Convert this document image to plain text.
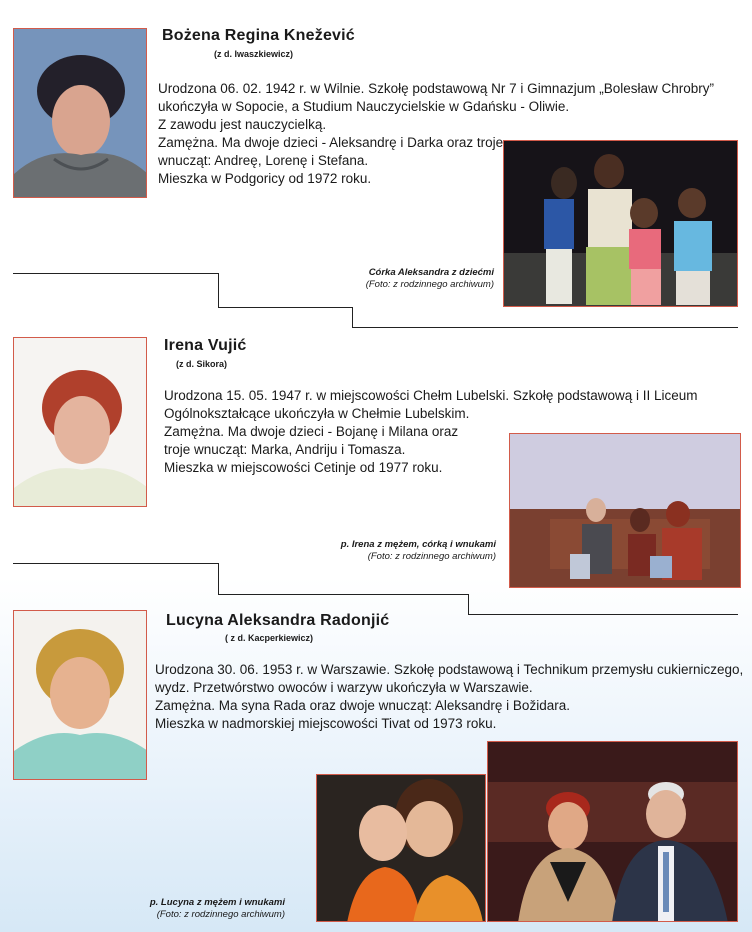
Bożena Regina Knežević
(z d. Iwaszkiewicz)

Urodzona 06. 02. 1942 r. w Wilnie. Szkołę podstawową Nr 7 i Gimnazjum „Bolesław Chrobry”

ukończyła w Sopocie, a Studium Nauczycielskie w Gdańsku - Oliwie.

Z zawodu jest nauczycielką.

Zamężna. Ma dwoje dzieci - Aleksandrę i Darka oraz troje

wnucząt: Andreę, Lorenę i Stefana.

Mieszka w Podgoricy od 1972 roku.

Córka Aleksandra z dziećmi
(Foto: z rodzinnego archiwum)
Irena Vujić
(z d. Sikora)

Urodzona 15. 05. 1947 r. w miejscowości Chełm Lubelski. Szkołę podstawową i II Liceum

Ogólnokształcące ukończyła w Chełmie Lubelskim.

Zamężna. Ma dwoje dzieci - Bojanę i Milana oraz

troje wnucząt: Marka, Andriju i Tomasza.

Mieszka w miejscowości Cetinje od 1977 roku.

p. Irena z mężem, córką i wnukami
(Foto: z rodzinnego archiwum)
Lucyna Aleksandra Radonjić
( z d. Kacperkiewicz)

Urodzona 30. 06. 1953 r. w Warszawie. Szkołę podstawową i Technikum przemysłu cukierniczego,

wydz. Przetwórstwo owoców i warzyw ukończyła w Warszawie.

Zamężna. Ma syna Rada oraz dwoje wnucząt: Aleksandrę i Božidara.

Mieszka w nadmorskiej miejscowości Tivat od 1973 roku.

p. Lucyna z mężem i wnukami
(Foto: z rodzinnego archiwum)
